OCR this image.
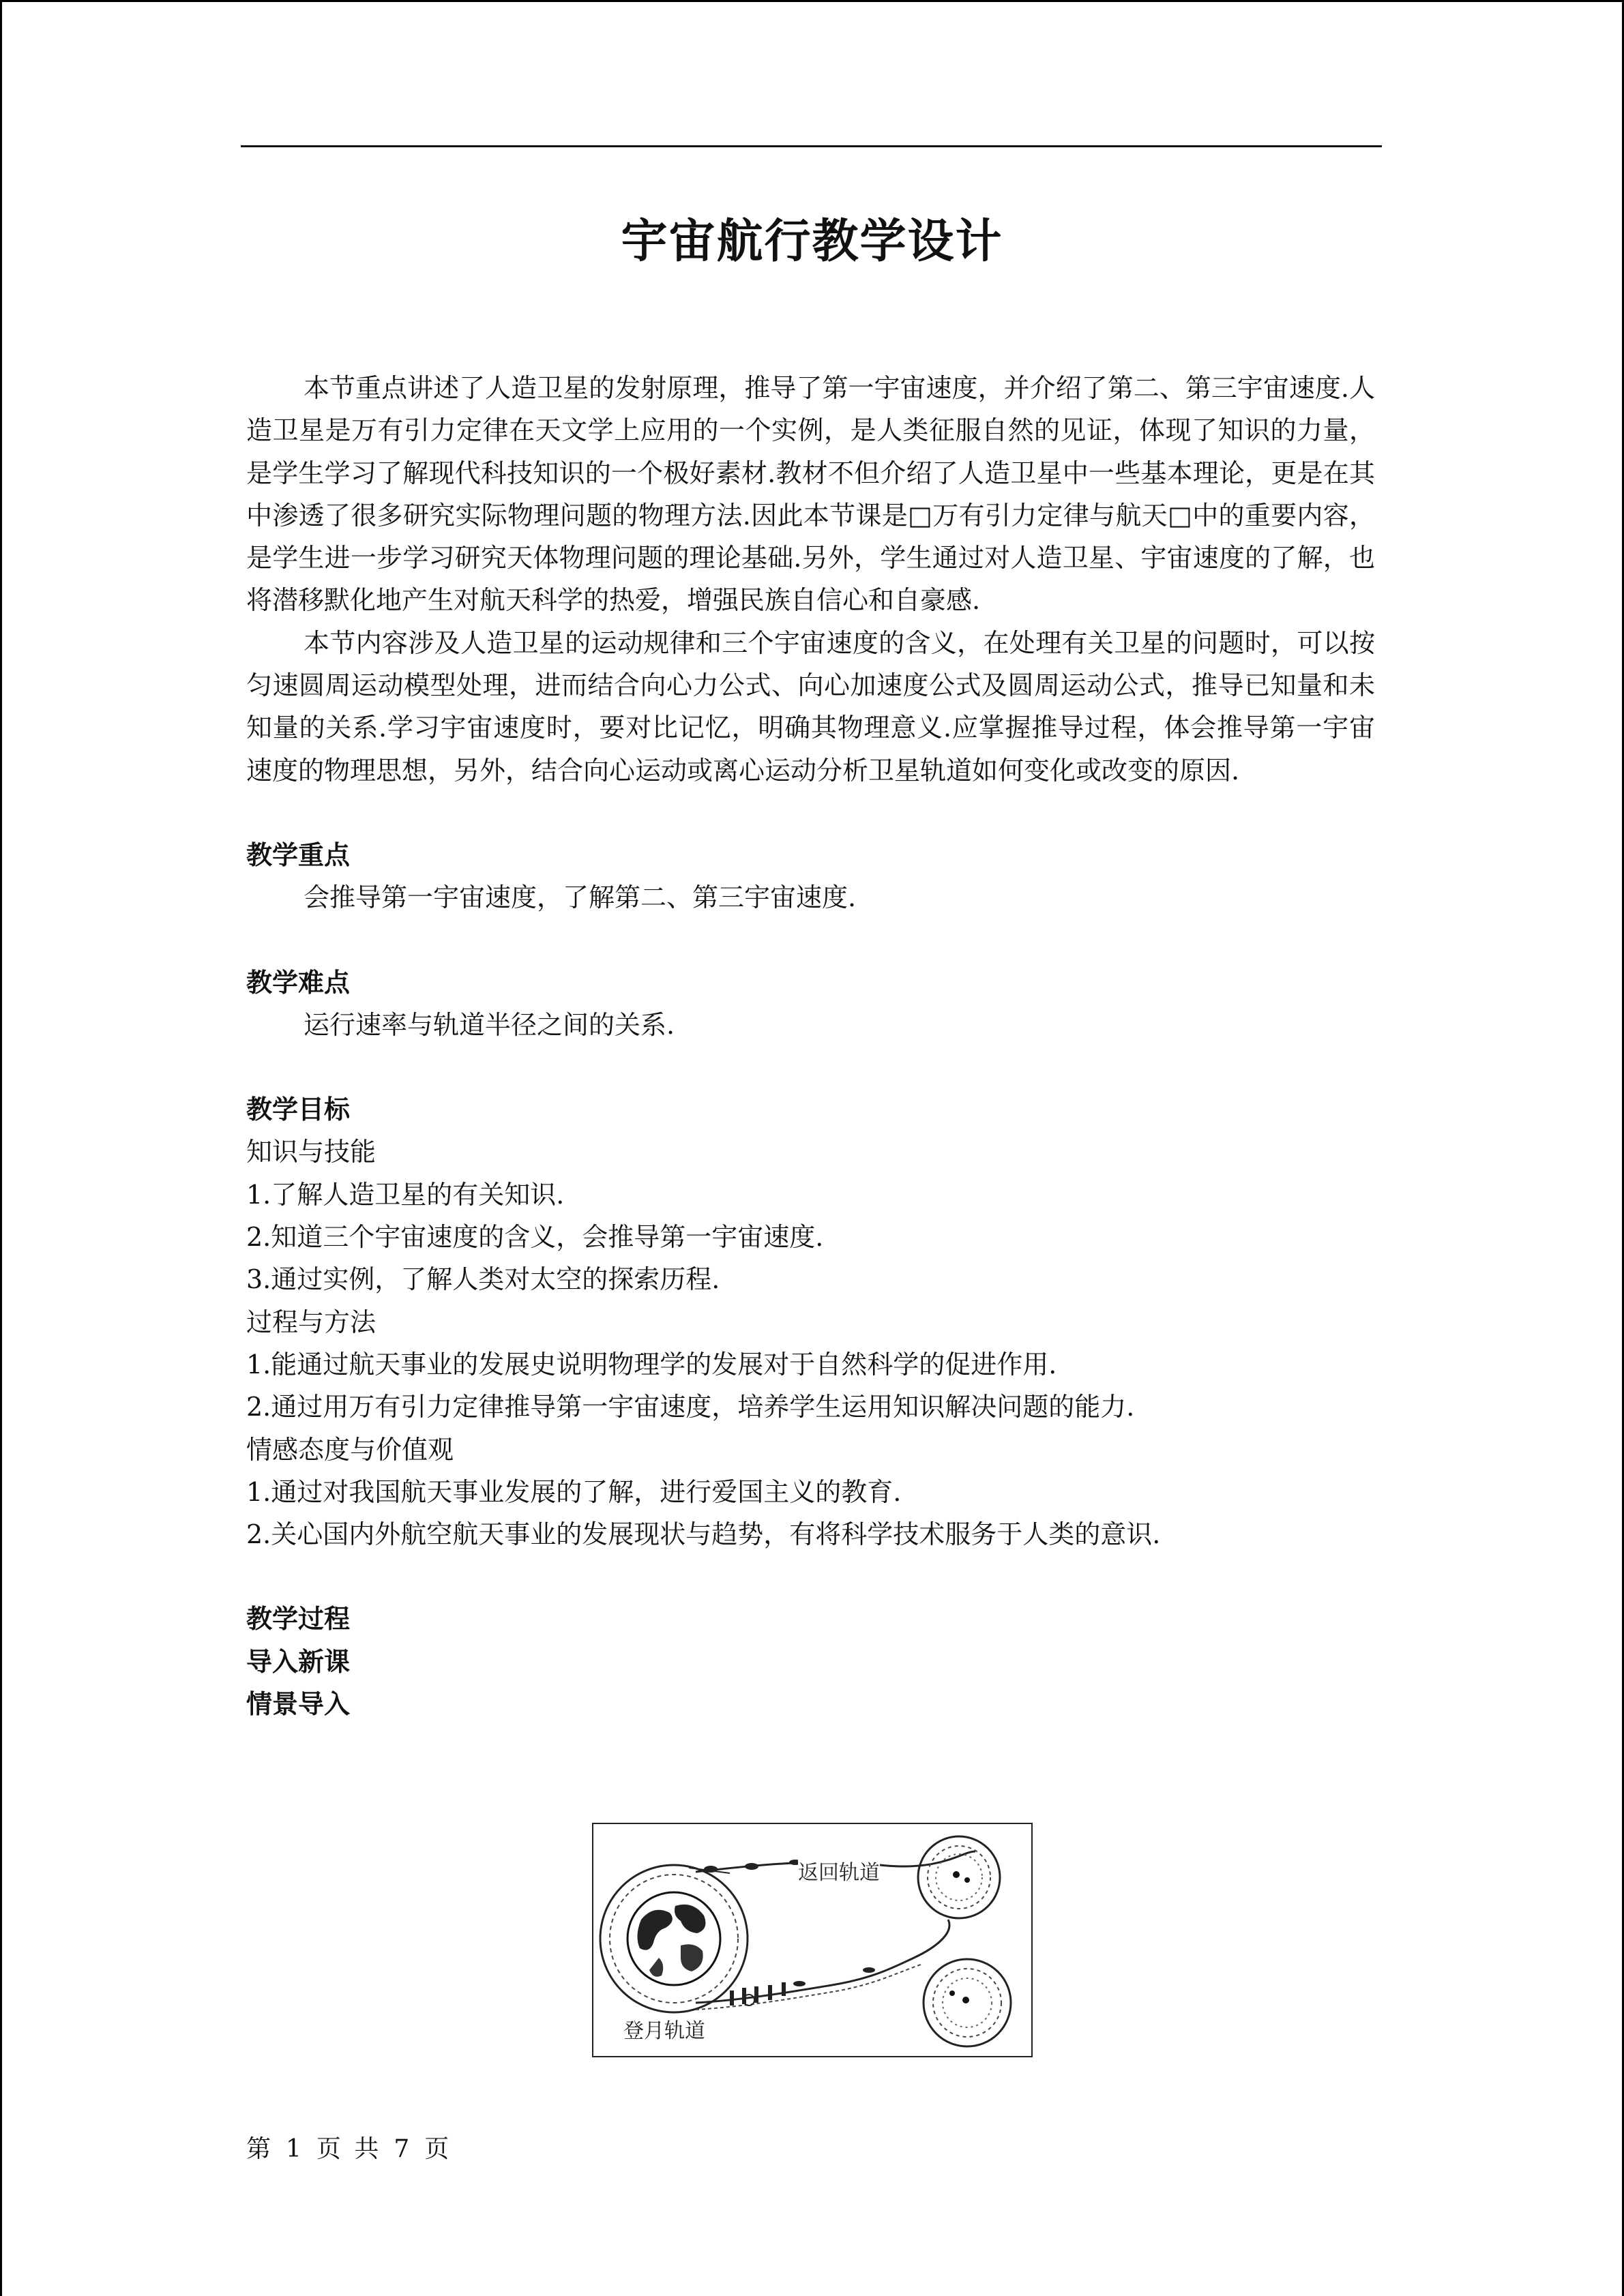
宇宙航行教学设计

本节重点讲述了人造卫星的发射原理，推导了第一宇宙速度，并介绍了第二、第三宇宙速度.人造卫星是万有引力定律在天文学上应用的一个实例，是人类征服自然的见证，体现了知识的力量，是学生学习了解现代科技知识的一个极好素材.教材不但介绍了人造卫星中一些基本理论，更是在其中渗透了很多研究实际物理问题的物理方法.因此本节课是□万有引力定律与航天□中的重要内容，是学生进一步学习研究天体物理问题的理论基础.另外，学生通过对人造卫星、宇宙速度的了解，也将潜移默化地产生对航天科学的热爱，增强民族自信心和自豪感.

本节内容涉及人造卫星的运动规律和三个宇宙速度的含义，在处理有关卫星的问题时，可以按匀速圆周运动模型处理，进而结合向心力公式、向心加速度公式及圆周运动公式，推导已知量和未知量的关系.学习宇宙速度时，要对比记忆，明确其物理意义.应掌握推导过程，体会推导第一宇宙速度的物理思想，另外，结合向心运动或离心运动分析卫星轨道如何变化或改变的原因.

教学重点

会推导第一宇宙速度，了解第二、第三宇宙速度.

教学难点

运行速率与轨道半径之间的关系.

教学目标

知识与技能

1.了解人造卫星的有关知识.

2.知道三个宇宙速度的含义，会推导第一宇宙速度.

3.通过实例，了解人类对太空的探索历程.

过程与方法

1.能通过航天事业的发展史说明物理学的发展对于自然科学的促进作用.

2.通过用万有引力定律推导第一宇宙速度，培养学生运用知识解决问题的能力.

情感态度与价值观

1.通过对我国航天事业发展的了解，进行爱国主义的教育.

2.关心国内外航空航天事业的发展现状与趋势，有将科学技术服务于人类的意识.

教学过程

导入新课

情景导入

返回轨道
登月轨道
第 1 页 共 7 页
